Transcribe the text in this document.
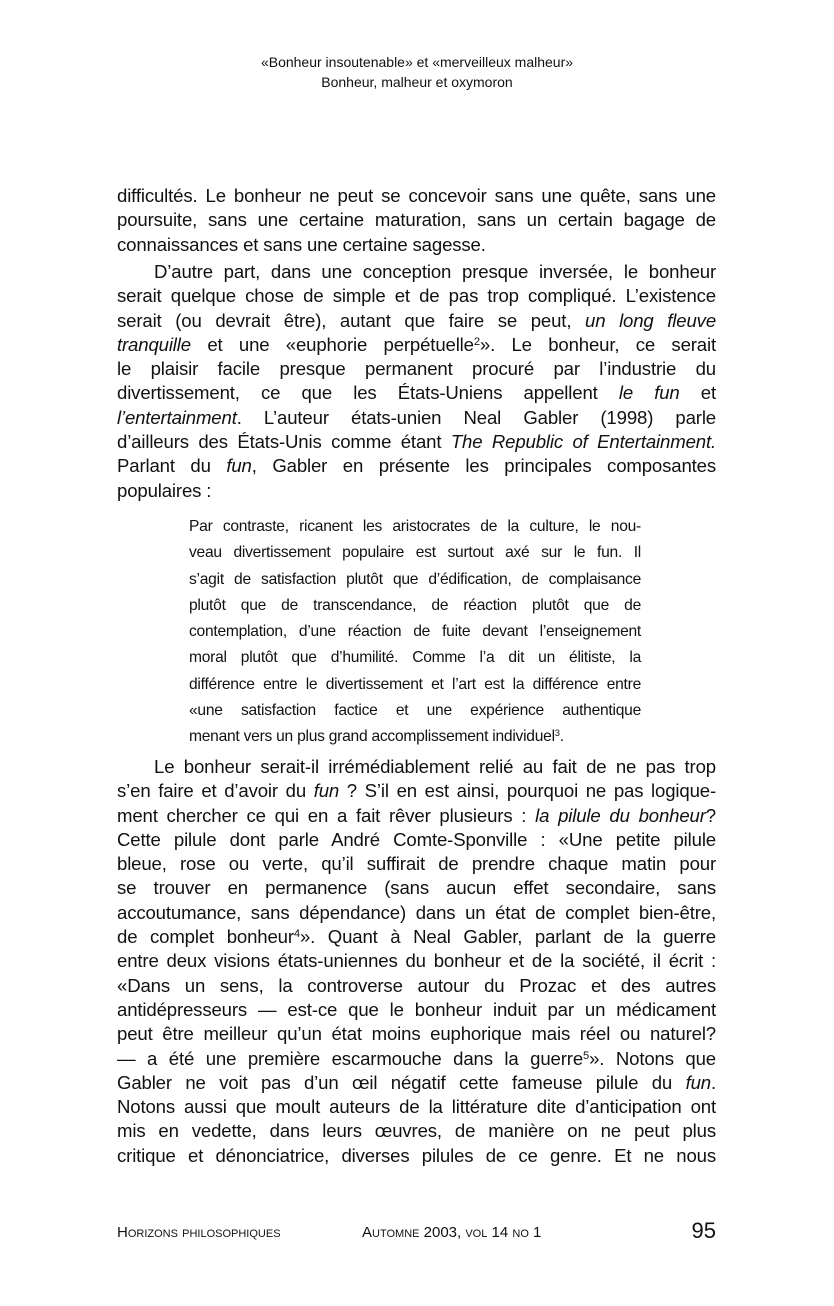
«Bonheur insoutenable» et «merveilleux malheur»
Bonheur, malheur et oxymoron
difficultés. Le bonheur ne peut se concevoir sans une quête, sans une
poursuite, sans une certaine maturation, sans un certain bagage de
connaissances et sans une certaine sagesse.
D’autre part, dans une conception presque inversée, le bonheur
serait quelque chose de simple et de pas trop compliqué. L’existence
serait (ou devrait être), autant que faire se peut, un long fleuve
tranquille et une «euphorie perpétuelle$^2$». Le bonheur, ce serait
le plaisir facile presque permanent procuré par l’industrie du
divertissement, ce que les États-Uniens appellent le fun et
l’entertainment. L’auteur états-unien Neal Gabler (1998) parle
d’ailleurs des États-Unis comme étant The Republic of Entertainment.
Parlant du fun, Gabler en présente les principales composantes
populaires :
Par contraste, ricanent les aristocrates de la culture, le nou-
veau divertissement populaire est surtout axé sur le fun. Il
s’agit de satisfaction plutôt que d’édification, de complaisance
plutôt que de transcendance, de réaction plutôt que de
contemplation, d’une réaction de fuite devant l’enseignement
moral plutôt que d’humilité. Comme l’a dit un élitiste, la
différence entre le divertissement et l’art est la différence entre
«une satisfaction factice et une expérience authentique
menant vers un plus grand accomplissement individuel$^3$.
Le bonheur serait-il irrémédiablement relié au fait de ne pas trop
s’en faire et d’avoir du fun ? S’il en est ainsi, pourquoi ne pas logique-
ment chercher ce qui en a fait rêver plusieurs : la pilule du bonheur?
Cette pilule dont parle André Comte-Sponville : «Une petite pilule
bleue, rose ou verte, qu’il suffirait de prendre chaque matin pour
se trouver en permanence (sans aucun effet secondaire, sans
accoutumance, sans dépendance) dans un état de complet bien-être,
de complet bonheur$^4$». Quant à Neal Gabler, parlant de la guerre
entre deux visions états-uniennes du bonheur et de la société, il écrit :
«Dans un sens, la controverse autour du Prozac et des autres
antidépresseurs — est-ce que le bonheur induit par un médicament
peut être meilleur qu’un état moins euphorique mais réel ou naturel?
— a été une première escarmouche dans la guerre$^5$». Notons que
Gabler ne voit pas d’un œil négatif cette fameuse pilule du fun.
Notons aussi que moult auteurs de la littérature dite d’anticipation ont
mis en vedette, dans leurs œuvres, de manière on ne peut plus
critique et dénonciatrice, diverses pilules de ce genre. Et ne nous
Horizons philosophiques	Automne 2003, vol 14 no 1	95
